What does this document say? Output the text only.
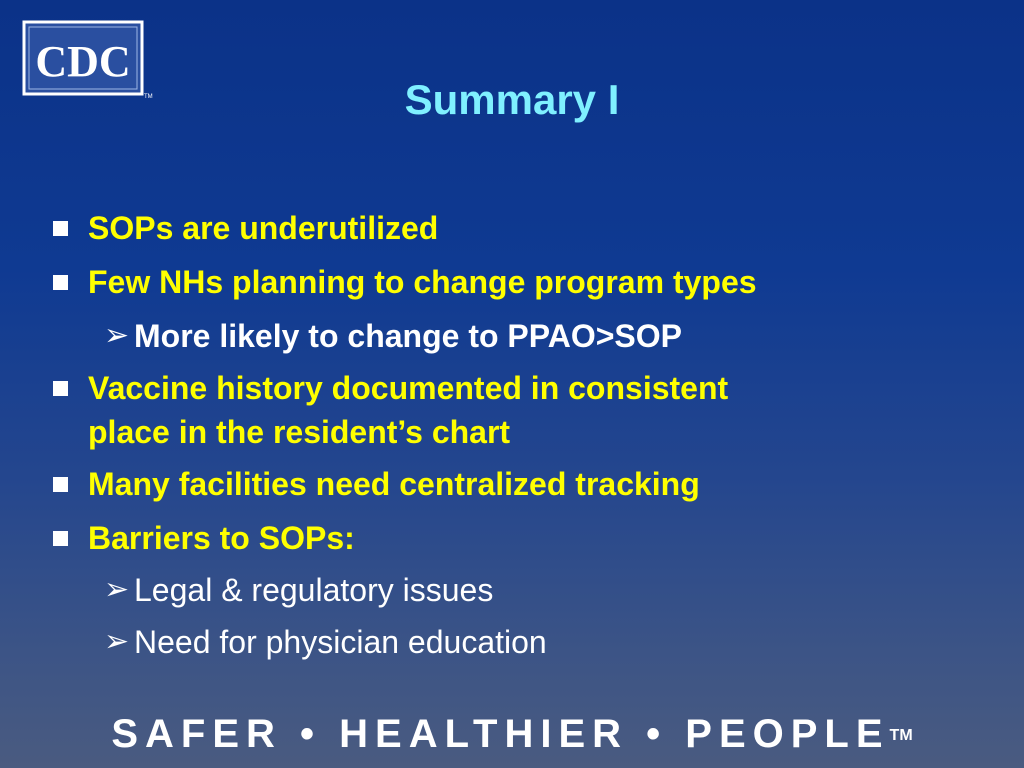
CDC
TM	Summary I
SOPs are underutilized
Few NHs planning to change program types
➢ More likely to change to PPAO>SOP
Vaccine history documented in consistent
place in the resident’s chart
Many facilities need centralized tracking
Barriers to SOPs:
➢ Legal & regulatory issues
➢ Need for physician education
SAFER • HEALTHIER • PEOPLE™
